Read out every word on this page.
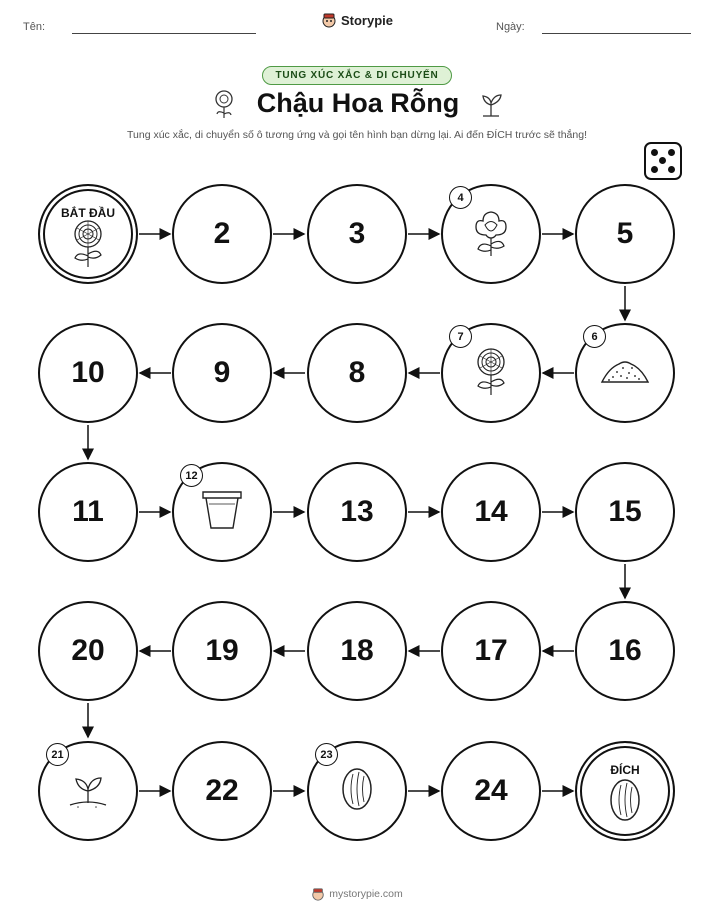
Tên:	Storypie	Ngày:
TUNG XÚC XẮC & DI CHUYỂN
Chậu Hoa Rỗng
Tung xúc xắc, di chuyển số ô tương ứng và gọi tên hình bạn dừng lại. Ai đến ĐÍCH trước sẽ thắng!
BẮT ĐẦU
2	3
4
5
6
7
8
9
10
11
12
13	14	15
16
17
18
19
20
21
22
23
24
ĐÍCH
mystorypie.com
